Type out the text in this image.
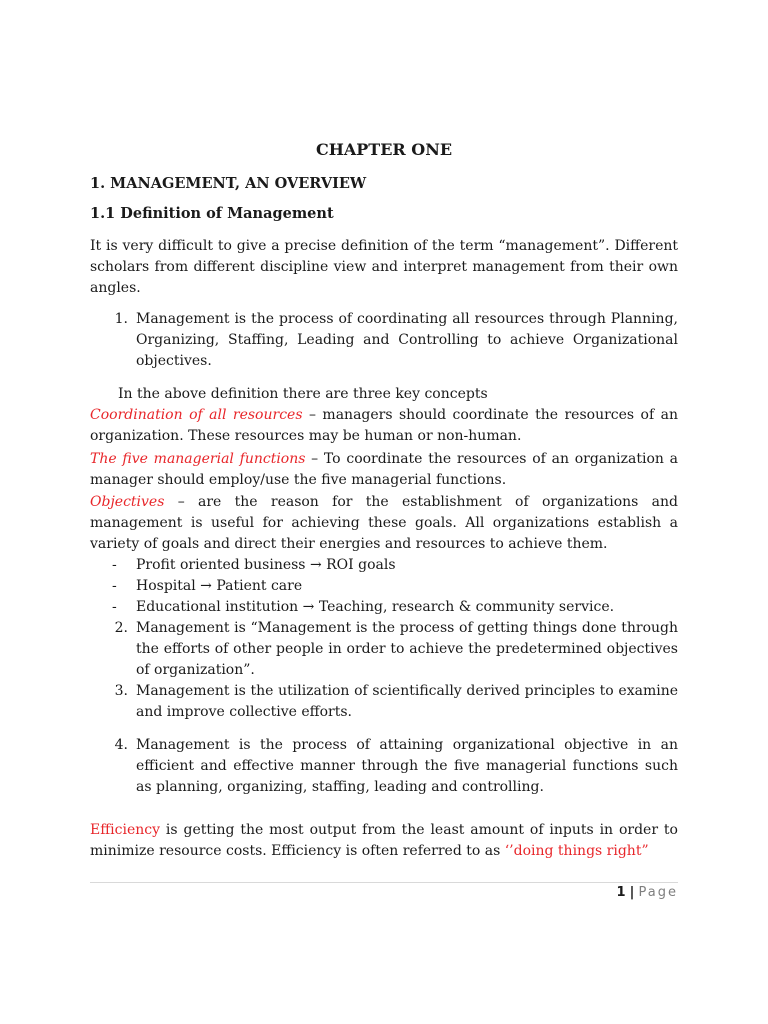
CHAPTER ONE
1. MANAGEMENT, AN OVERVIEW
1.1 Definition of Management

It is very difficult to give a precise definition of the term “management”. Different scholars from different discipline view and interpret management from their own angles.

1. Management is the process of coordinating all resources through Planning, Organizing, Staffing, Leading and Controlling to achieve Organizational objectives.

In the above definition there are three key concepts

Coordination of all resources – managers should coordinate the resources of an organization. These resources may be human or non-human.

The five managerial functions – To coordinate the resources of an organization a manager should employ/use the five managerial functions.

Objectives – are the reason for the establishment of organizations and management is useful for achieving these goals. All organizations establish a variety of goals and direct their energies and resources to achieve them.

-	Profit oriented business → ROI goals
-	Hospital → Patient care
-	Educational institution → Teaching, research & community service.
2. Management is “Management is the process of getting things done through the efforts of other people in order to achieve the predetermined objectives of organization”.
3. Management is the utilization of scientifically derived principles to examine and improve collective efforts.
4. Management is the process of attaining organizational objective in an efficient and effective manner through the five managerial functions such as planning, organizing, staffing, leading and controlling.

Efficiency is getting the most output from the least amount of inputs in order to minimize resource costs. Efficiency is often referred to as ‘’doing things right”

1 | Page
